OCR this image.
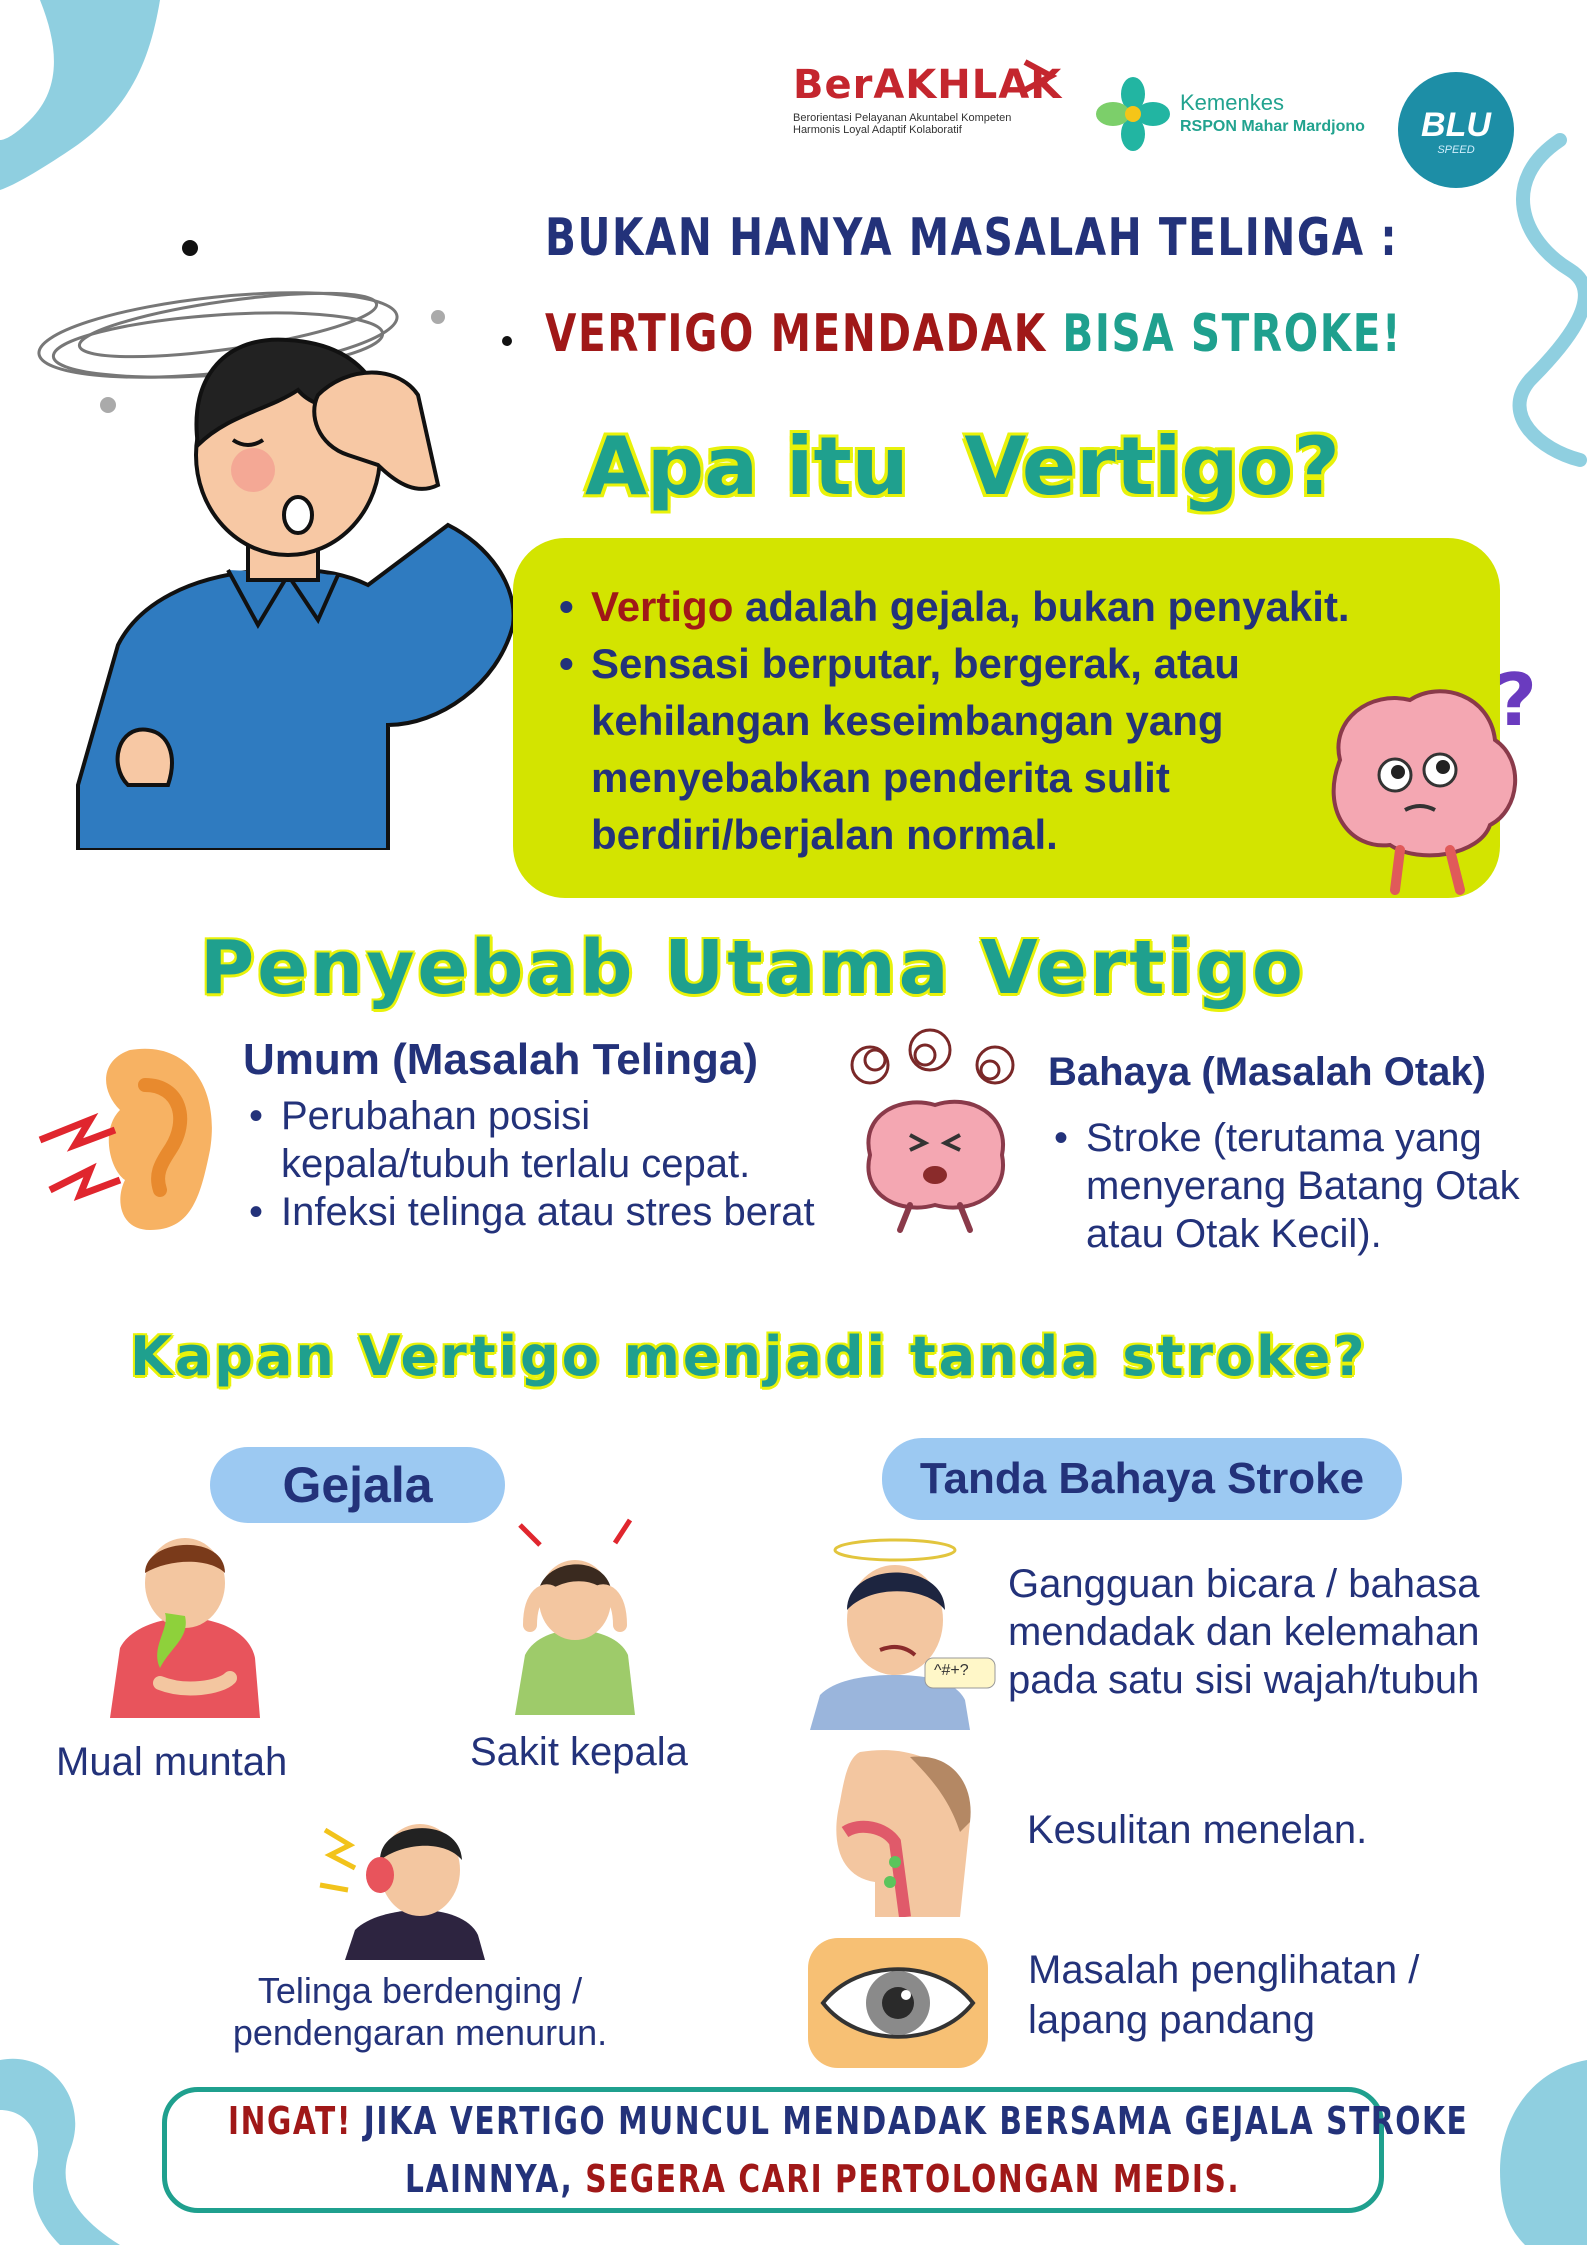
BerAKHLAK
Berorientasi Pelayanan Akuntabel Kompeten
Harmonis Loyal Adaptif Kolaboratif
Kemenkes
RSPON Mahar Mardjono	BLU
SPEED
BUKAN HANYA MASALAH TELINGA :
VERTIGO MENDADAK BISA STROKE!
Apa itu Vertigo?
• Vertigo adalah gejala, bukan penyakit.
• Sensasi berputar, bergerak, atau kehilangan keseimbangan yang menyebabkan penderita sulit berdiri/berjalan normal.
?
Penyebab Utama Vertigo
Umum (Masalah Telinga)
• Perubahan posisi kepala/tubuh terlalu cepat.
• Infeksi telinga atau stres berat
Bahaya (Masalah Otak)
• Stroke (terutama yang menyerang Batang Otak atau Otak Kecil).
Kapan Vertigo menjadi tanda stroke?
Gejala	Tanda Bahaya Stroke
Mual muntah	Sakit kepala
Telinga berdenging / pendengaran menurun.
^#+?
Gangguan bicara / bahasa mendadak dan kelemahan pada satu sisi wajah/tubuh
Kesulitan menelan.
Masalah penglihatan / lapang pandang
INGAT! JIKA VERTIGO MUNCUL MENDADAK BERSAMA GEJALA STROKE
LAINNYA, SEGERA CARI PERTOLONGAN MEDIS.
